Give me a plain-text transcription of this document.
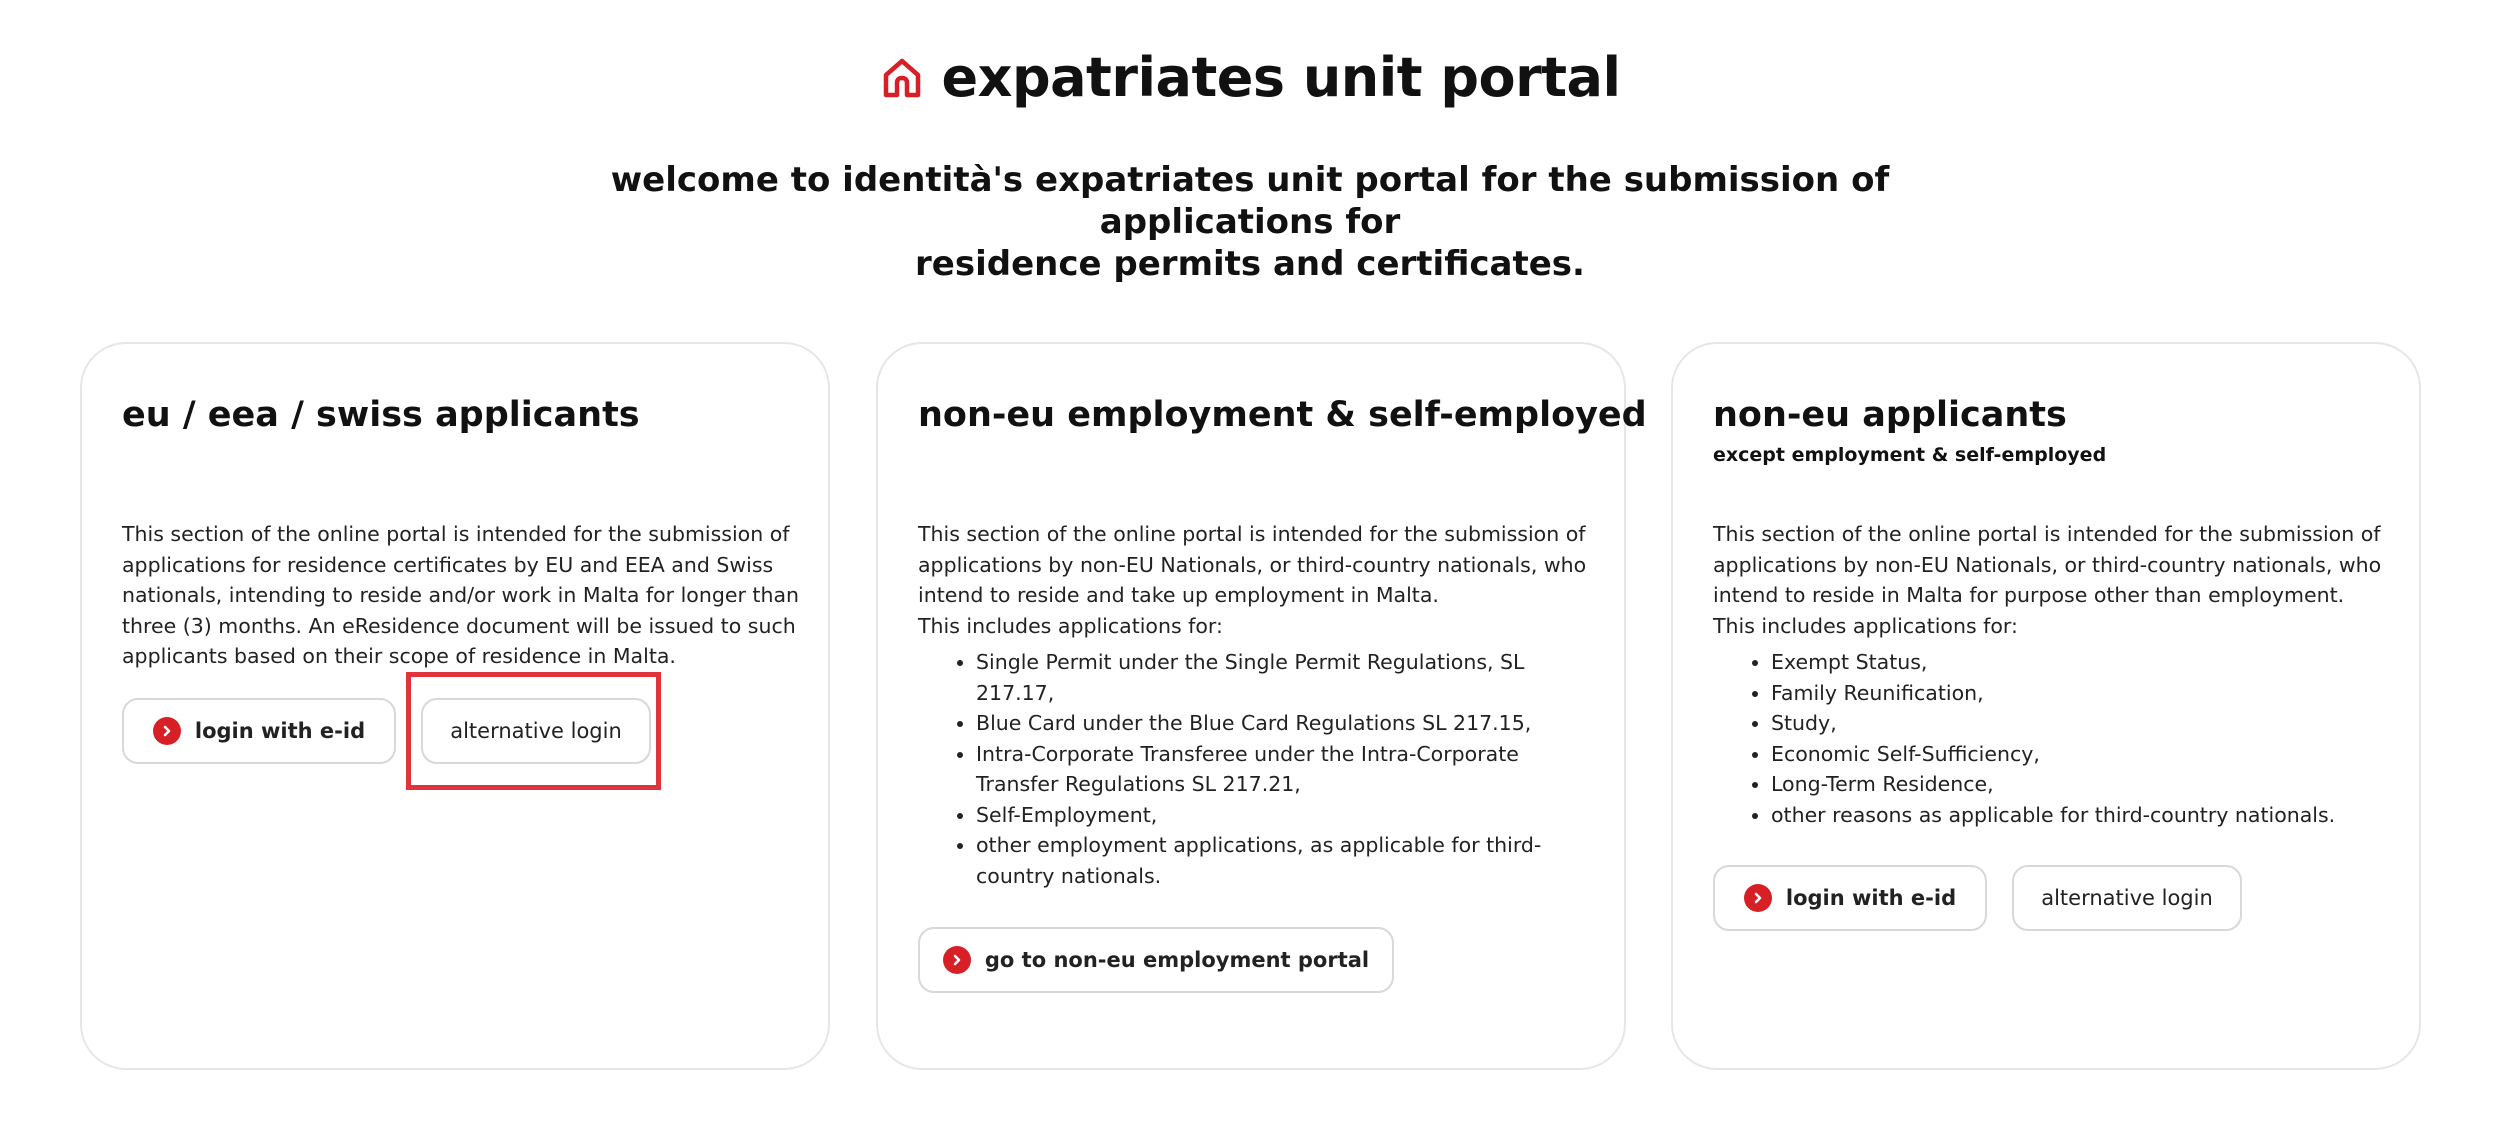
expatriates unit portal
welcome to identità's expatriates unit portal for the submission of applications for
residence permits and certificates.
eu / eea / swiss applicants

This section of the online portal is intended for the submission of applications for residence certificates by EU and EEA and Swiss nationals, intending to reside and/or work in Malta for longer than three (3) months. An eResidence document will be issued to such applicants based on their scope of residence in Malta.

login with e-id	alternative login
non-eu employment & self-employed

This section of the online portal is intended for the submission of applications by non-EU Nationals, or third-country nationals, who intend to reside and take up employment in Malta.

This includes applications for:

• Single Permit under the Single Permit Regulations, SL 217.17,
• Blue Card under the Blue Card Regulations SL 217.15,
• Intra-Corporate Transferee under the Intra-Corporate Transfer Regulations SL 217.21,
• Self-Employment,
• other employment applications, as applicable for third-country nationals.
go to non-eu employment portal
non-eu applicants
except employment & self-employed

This section of the online portal is intended for the submission of applications by non-EU Nationals, or third-country nationals, who intend to reside in Malta for purpose other than employment.

This includes applications for:

• Exempt Status,
• Family Reunification,
• Study,
• Economic Self-Sufficiency,
• Long-Term Residence,
• other reasons as applicable for third-country nationals.
login with e-id	alternative login
